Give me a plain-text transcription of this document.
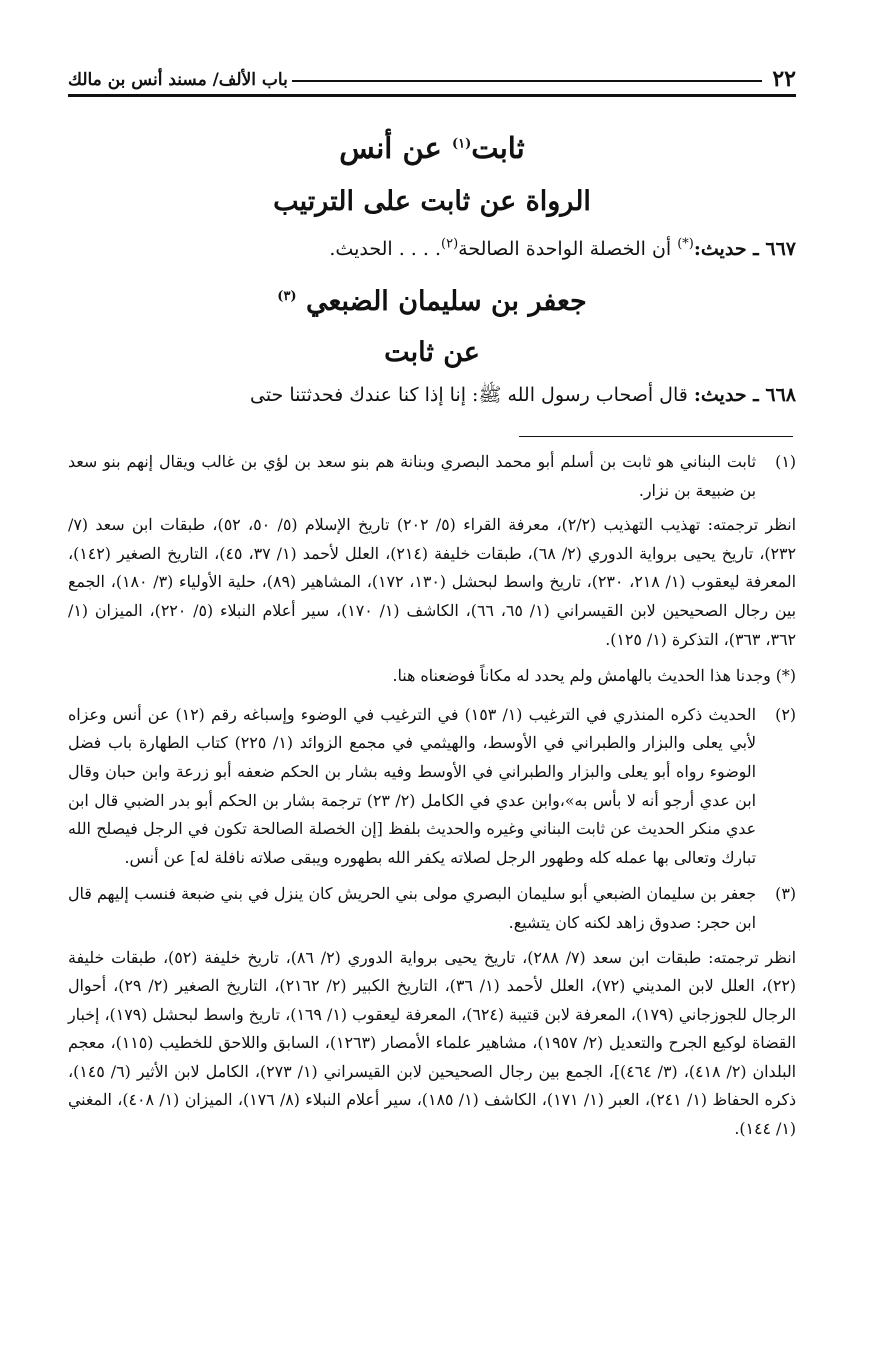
٢٢
باب الألف/ مسند أنس بن مالك
ثابت$^{(١)}$ عن أنس
الرواة عن ثابت على الترتيب
٦٦٧ ـ حديث:(*) أن الخصلة الواحدة الصالحة$^{(٢)}$. . . . الحديث.
جعفر بن سليمان الضبعي $^{(٣)}$
عن ثابت
٦٦٨ ـ حديث: قال أصحاب رسول الله ﷺ: إنا إذا كنا عندك فحدثتنا حتى
(١)

ثابت البناني هو ثابت بن أسلم أبو محمد البصري وبنانة هم بنو سعد بن لؤي بن غالب ويقال إنهم بنو سعد بن ضبيعة بن نزار.

انظر ترجمته: تهذيب التهذيب (٢/٢)، معرفة القراء (٥/ ٢٠٢) تاريخ الإسلام (٥/ ٥٠، ٥٢)، طبقات ابن سعد (٧/ ٢٣٢)، تاريخ يحيى برواية الدوري (٢/ ٦٨)، طبقات خليفة (٢١٤)، العلل لأحمد (١/ ٣٧، ٤٥)، التاريخ الصغير (١٤٢)، المعرفة ليعقوب (١/ ٢١٨، ٢٣٠)، تاريخ واسط لبحشل (١٣٠، ١٧٢)، المشاهير (٨٩)، حلية الأولياء (٣/ ١٨٠)، الجمع بين رجال الصحيحين لابن القيسراني (١/ ٦٥، ٦٦)، الكاشف (١/ ١٧٠)، سير أعلام النبلاء (٥/ ٢٢٠)، الميزان (١/ ٣٦٢، ٣٦٣)، التذكرة (١/ ١٢٥).

(*) وجدنا هذا الحديث بالهامش ولم يحدد له مكاناً فوضعناه هنا.
(٢)

الحديث ذكره المنذري في الترغيب (١/ ١٥٣) في الترغيب في الوضوء وإسباغه رقم (١٢) عن أنس وعزاه لأبي يعلى والبزار والطبراني في الأوسط، والهيثمي في مجمع الزوائد (١/ ٢٢٥) كتاب الطهارة باب فضل الوضوء رواه أبو يعلى والبزار والطبراني في الأوسط وفيه بشار بن الحكم ضعفه أبو زرعة وابن حبان وقال ابن عدي أرجو أنه لا بأس به»،وابن عدي في الكامل (٢/ ٢٣) ترجمة بشار بن الحكم أبو بدر الضبي قال ابن عدي منكر الحديث عن ثابت البناني وغيره والحديث بلفظ [إن الخصلة الصالحة تكون في الرجل فيصلح الله تبارك وتعالى بها عمله كله وطهور الرجل لصلاته يكفر الله بطهوره ويبقى صلاته نافلة له] عن أنس.

(٣)

جعفر بن سليمان الضبعي أبو سليمان البصري مولى بني الحريش كان ينزل في بني ضبعة فنسب إليهم قال ابن حجر: صدوق زاهد لكنه كان يتشيع.

انظر ترجمته: طبقات ابن سعد (٧/ ٢٨٨)، تاريخ يحيى برواية الدوري (٢/ ٨٦)، تاريخ خليفة (٥٢)، طبقات خليفة (٢٢)، العلل لابن المديني (٧٢)، العلل لأحمد (١/ ٣٦)، التاريخ الكبير (٢/ ٢١٦٢)، التاريخ الصغير (٢/ ٢٩)، أحوال الرجال للجوزجاني (١٧٩)، المعرفة لابن قتيبة (٦٢٤)، المعرفة ليعقوب (١/ ١٦٩)، تاريخ واسط لبحشل (١٧٩)، إخبار القضاة لوكيع الجرح والتعديل (٢/ ١٩٥٧)، مشاهير علماء الأمصار (١٢٦٣)، السابق واللاحق للخطيب (١١٥)، معجم البلدان (٢/ ٤١٨)، (٣/ ٤٦٤)]، الجمع بين رجال الصحيحين لابن القيسراني (١/ ٢٧٣)، الكامل لابن الأثير (٦/ ١٤٥)، ذكره الحفاظ (١/ ٢٤١)، العبر (١/ ١٧١)، الكاشف (١/ ١٨٥)، سير أعلام النبلاء (٨/ ١٧٦)، الميزان (١/ ٤٠٨)، المغني (١/ ١٤٤).
